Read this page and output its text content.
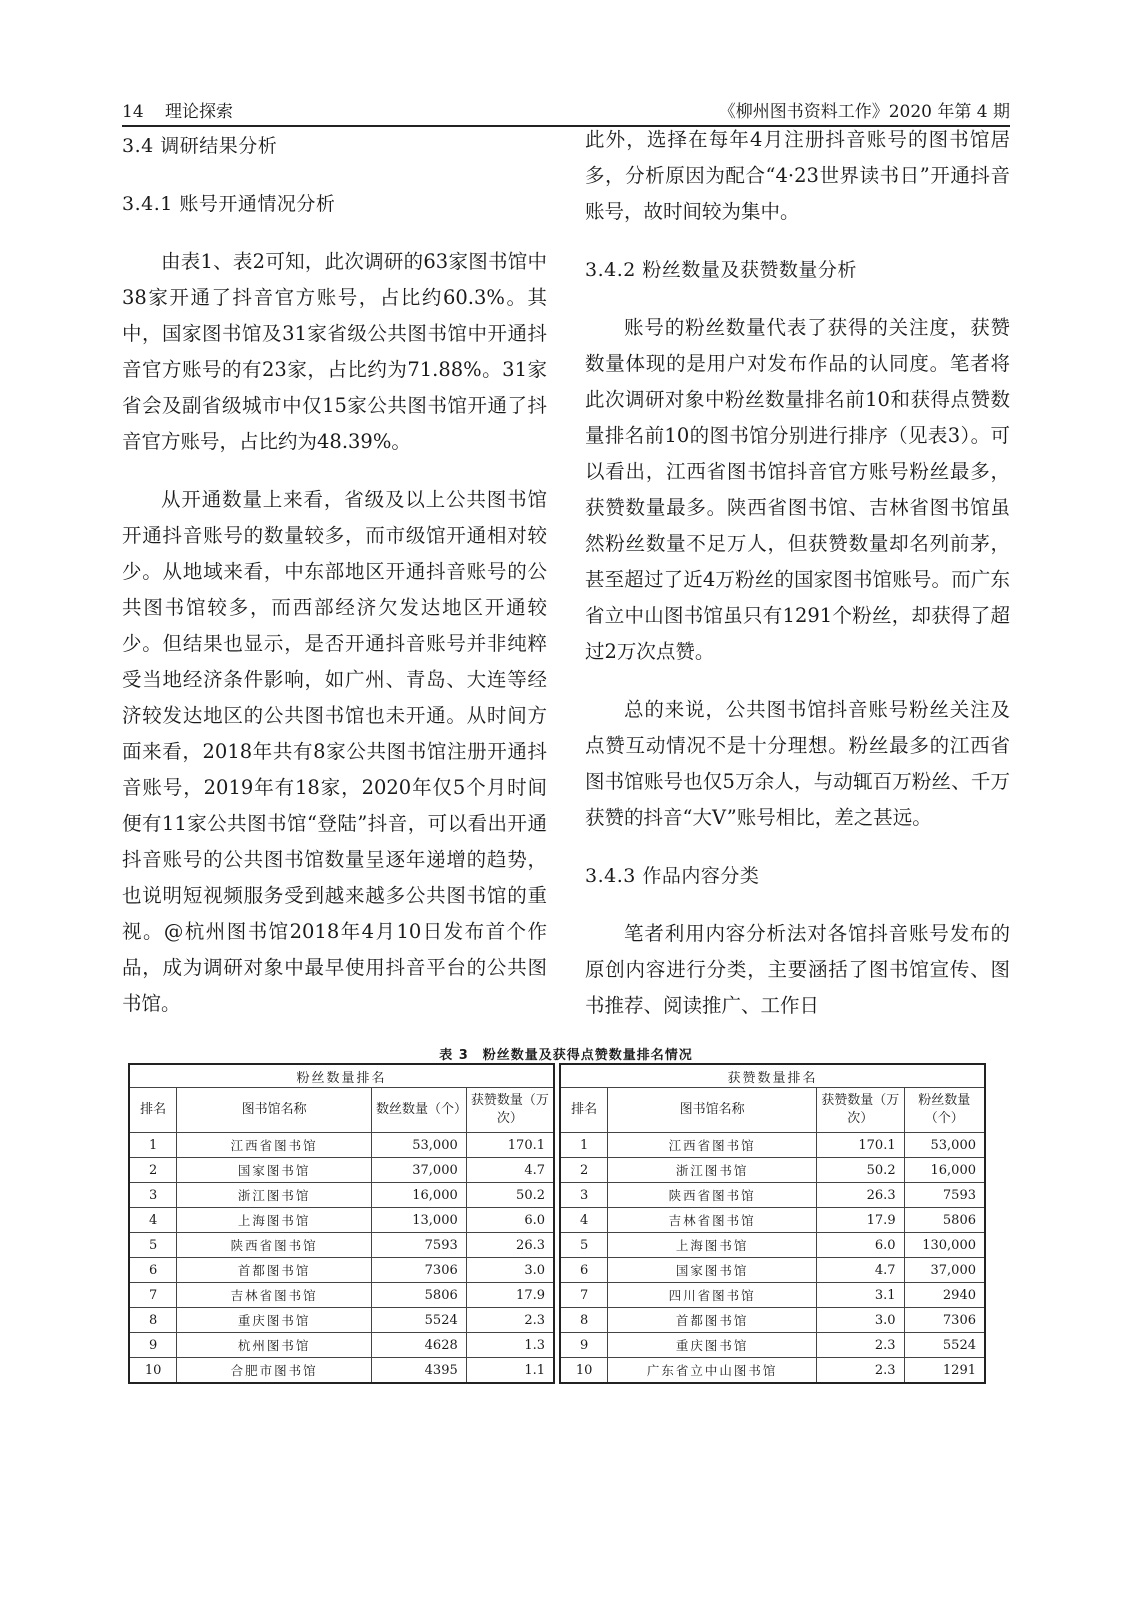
14 理论探索	《柳州图书资料工作》2020 年第 4 期

3.4 调研结果分析

3.4.1 账号开通情况分析

由表1、表2可知，此次调研的63家图书馆中38家开通了抖音官方账号，占比约60.3%。其中，国家图书馆及31家省级公共图书馆中开通抖音官方账号的有23家，占比约为71.88%。31家省会及副省级城市中仅15家公共图书馆开通了抖音官方账号，占比约为48.39%。

从开通数量上来看，省级及以上公共图书馆开通抖音账号的数量较多，而市级馆开通相对较少。从地域来看，中东部地区开通抖音账号的公共图书馆较多，而西部经济欠发达地区开通较少。但结果也显示，是否开通抖音账号并非纯粹受当地经济条件影响，如广州、青岛、大连等经济较发达地区的公共图书馆也未开通。从时间方面来看，2018年共有8家公共图书馆注册开通抖音账号，2019年有18家，2020年仅5个月时间 便有11家公共图书馆“登陆”抖音，可以看出开通抖音账号的公共图书馆数量呈逐年递增的趋势，也说明短视频服务受到越来越多公共图书馆的重视。@杭州图书馆2018年4月10日发布首个作品，成为调研对象中最早使用抖音平台的公共图书馆。

此外，选择在每年4月注册抖音账号的图书馆居多，分析原因为配合“4·23世界读书日”开通抖音账号，故时间较为集中。

3.4.2 粉丝数量及获赞数量分析

账号的粉丝数量代表了获得的关注度，获赞数量体现的是用户对发布作品的认同度。笔者将此次调研对象中粉丝数量排名前10和获得点赞数量排名前10的图书馆分别进行排序（见表3）。可以看出，江西省图书馆抖音官方账号粉丝最多，获赞数量最多。陕西省图书馆、吉林省图书馆虽然粉丝数量不足万人，但获赞数量却名列前茅，甚至超过了近4万粉丝的国家图书馆账号。而广东省立中山图书馆虽只有1291个粉丝，却获得了超过2万次点赞。

总的来说，公共图书馆抖音账号粉丝关注及点赞互动情况不是十分理想。粉丝最多的江西省图书馆账号也仅5万余人，与动辄百万粉丝、千万获赞的抖音“大V”账号相比，差之甚远。

3.4.3 作品内容分类

笔者利用内容分析法对各馆抖音账号发布的原创内容进行分类，主要涵括了图书馆宣传、图书推荐、阅读推广、工作日

表 3　粉丝数量及获得点赞数量排名情况
粉丝数量排名			
排名	图书馆名称	数丝数量（个）	获赞数量（万次）
1	江西省图书馆	53,000	170.1
2	国家图书馆	37,000	4.7
3	浙江图书馆	16,000	50.2
4	上海图书馆	13,000	6.0
5	陕西省图书馆	7593	26.3
6	首都图书馆	7306	3.0
7	吉林省图书馆	5806	17.9
8	重庆图书馆	5524	2.3
9	杭州图书馆	4628	1.3
10	合肥市图书馆	4395	1.1
获赞数量排名			
排名	图书馆名称	获赞数量（万次）	粉丝数量（个）
1	江西省图书馆	170.1	53,000
2	浙江图书馆	50.2	16,000
3	陕西省图书馆	26.3	7593
4	吉林省图书馆	17.9	5806
5	上海图书馆	6.0	130,000
6	国家图书馆	4.7	37,000
7	四川省图书馆	3.1	2940
8	首都图书馆	3.0	7306
9	重庆图书馆	2.3	5524
10	广东省立中山图书馆	2.3	1291
